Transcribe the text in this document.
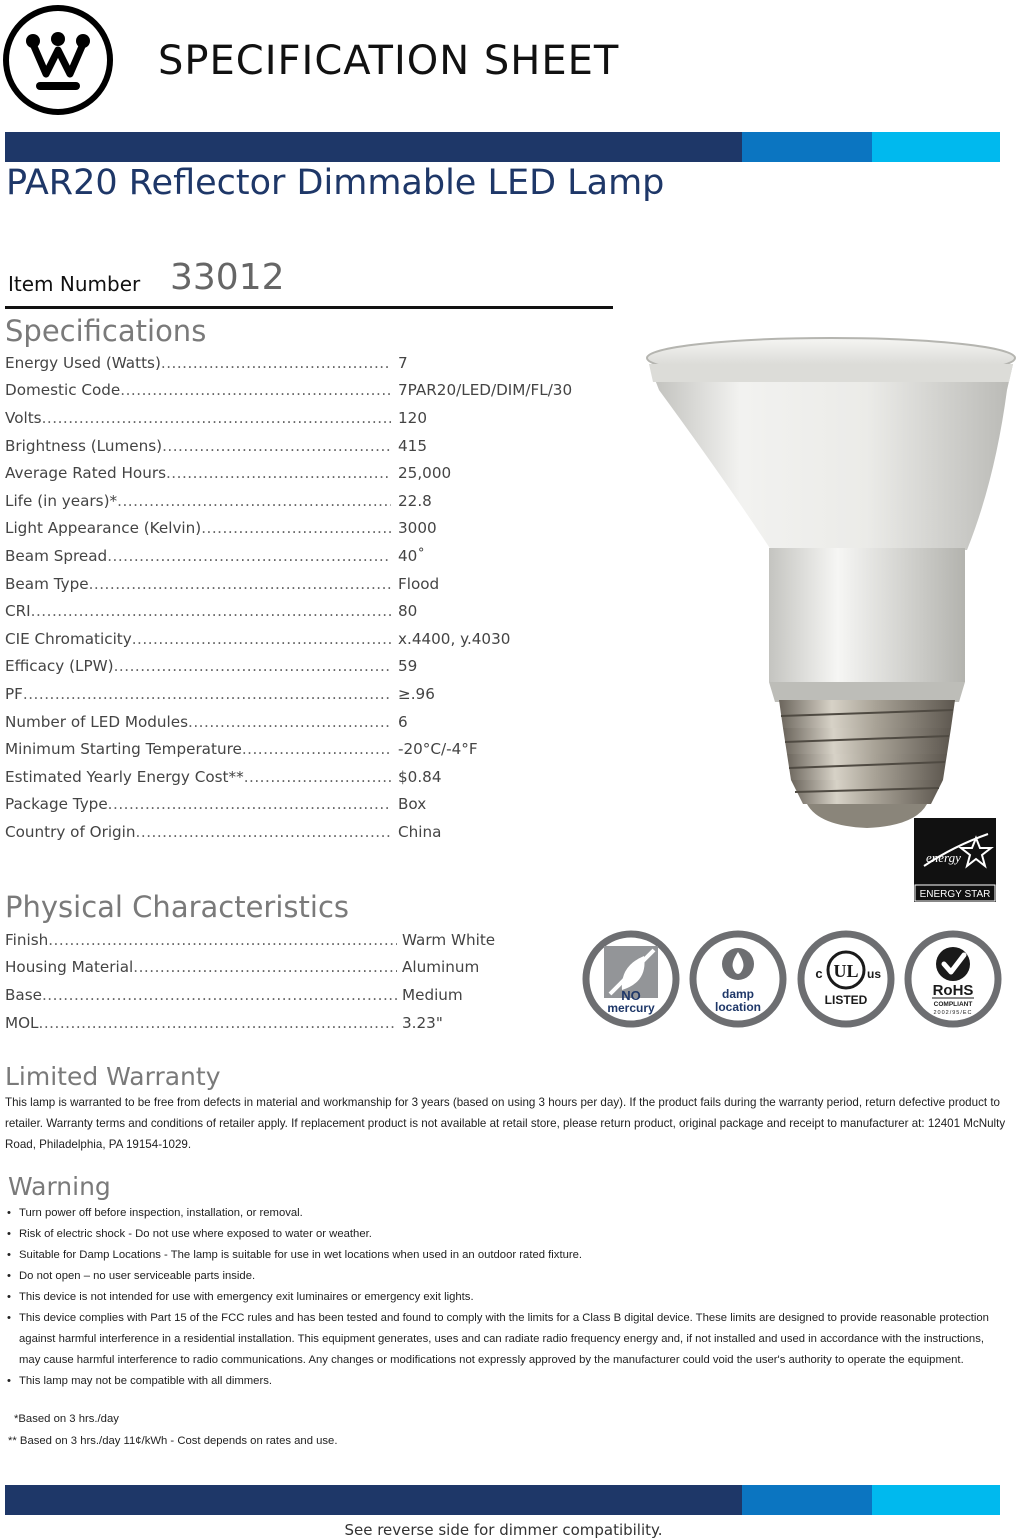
SPECIFICATION SHEET
PAR20 Reflector Dimmable LED Lamp
Item Number 33012
Specifications
Energy Used (Watts) .....	7
Domestic Code .....	7PAR20/LED/DIM/FL/30
Volts .....	120
Brightness (Lumens) .....	415
Average Rated Hours .....	25,000
Life (in years)* .....	22.8
Light Appearance (Kelvin) .....	3000
Beam Spread .....	40˚
Beam Type .....	Flood
CRI .....	80
CIE Chromaticity .....	x.4400, y.4030
Efficacy (LPW) .....	59
PF .....	≥.96
Number of LED Modules .....	6
Minimum Starting Temperature .....	-20°C/-4°F
Estimated Yearly Energy Cost** .....	$0.84
Package Type .....	Box
Country of Origin .....	China
energy
ENERGY STAR
Physical Characteristics
Finish .....	Warm White
Housing Material .....	Aluminum
Base .....	Medium
MOL .....	3.23"
NO
mercury
damp
location
UL
c	us
LISTED
RoHS
COMPLIANT
2002/95/EC
Limited Warranty
This lamp is warranted to be free from defects in material and workmanship for 3 years (based on using 3 hours per day). If the product fails during the warranty period, return defective product to retailer. Warranty terms and conditions of retailer apply. If replacement product is not available at retail store, please return product, original package and receipt to manufacturer at: 12401 McNulty Road, Philadelphia, PA 19154-1029.
Warning
• Turn power off before inspection, installation, or removal.
• Risk of electric shock - Do not use where exposed to water or weather.
• Suitable for Damp Locations - The lamp is suitable for use in wet locations when used in an outdoor rated fixture.
• Do not open – no user serviceable parts inside.
• This device is not intended for use with emergency exit luminaires or emergency exit lights.
• This device complies with Part 15 of the FCC rules and has been tested and found to comply with the limits for a Class B digital device. These limits are designed to provide reasonable protection against harmful interference in a residential installation. This equipment generates, uses and can radiate radio frequency energy and, if not installed and used in accordance with the instructions, may cause harmful interference to radio communications. Any changes or modifications not expressly approved by the manufacturer could void the user's authority to operate the equipment.
• This lamp may not be compatible with all dimmers.
*Based on 3 hrs./day
** Based on 3 hrs./day 11¢/kWh - Cost depends on rates and use.
See reverse side for dimmer compatibility.
